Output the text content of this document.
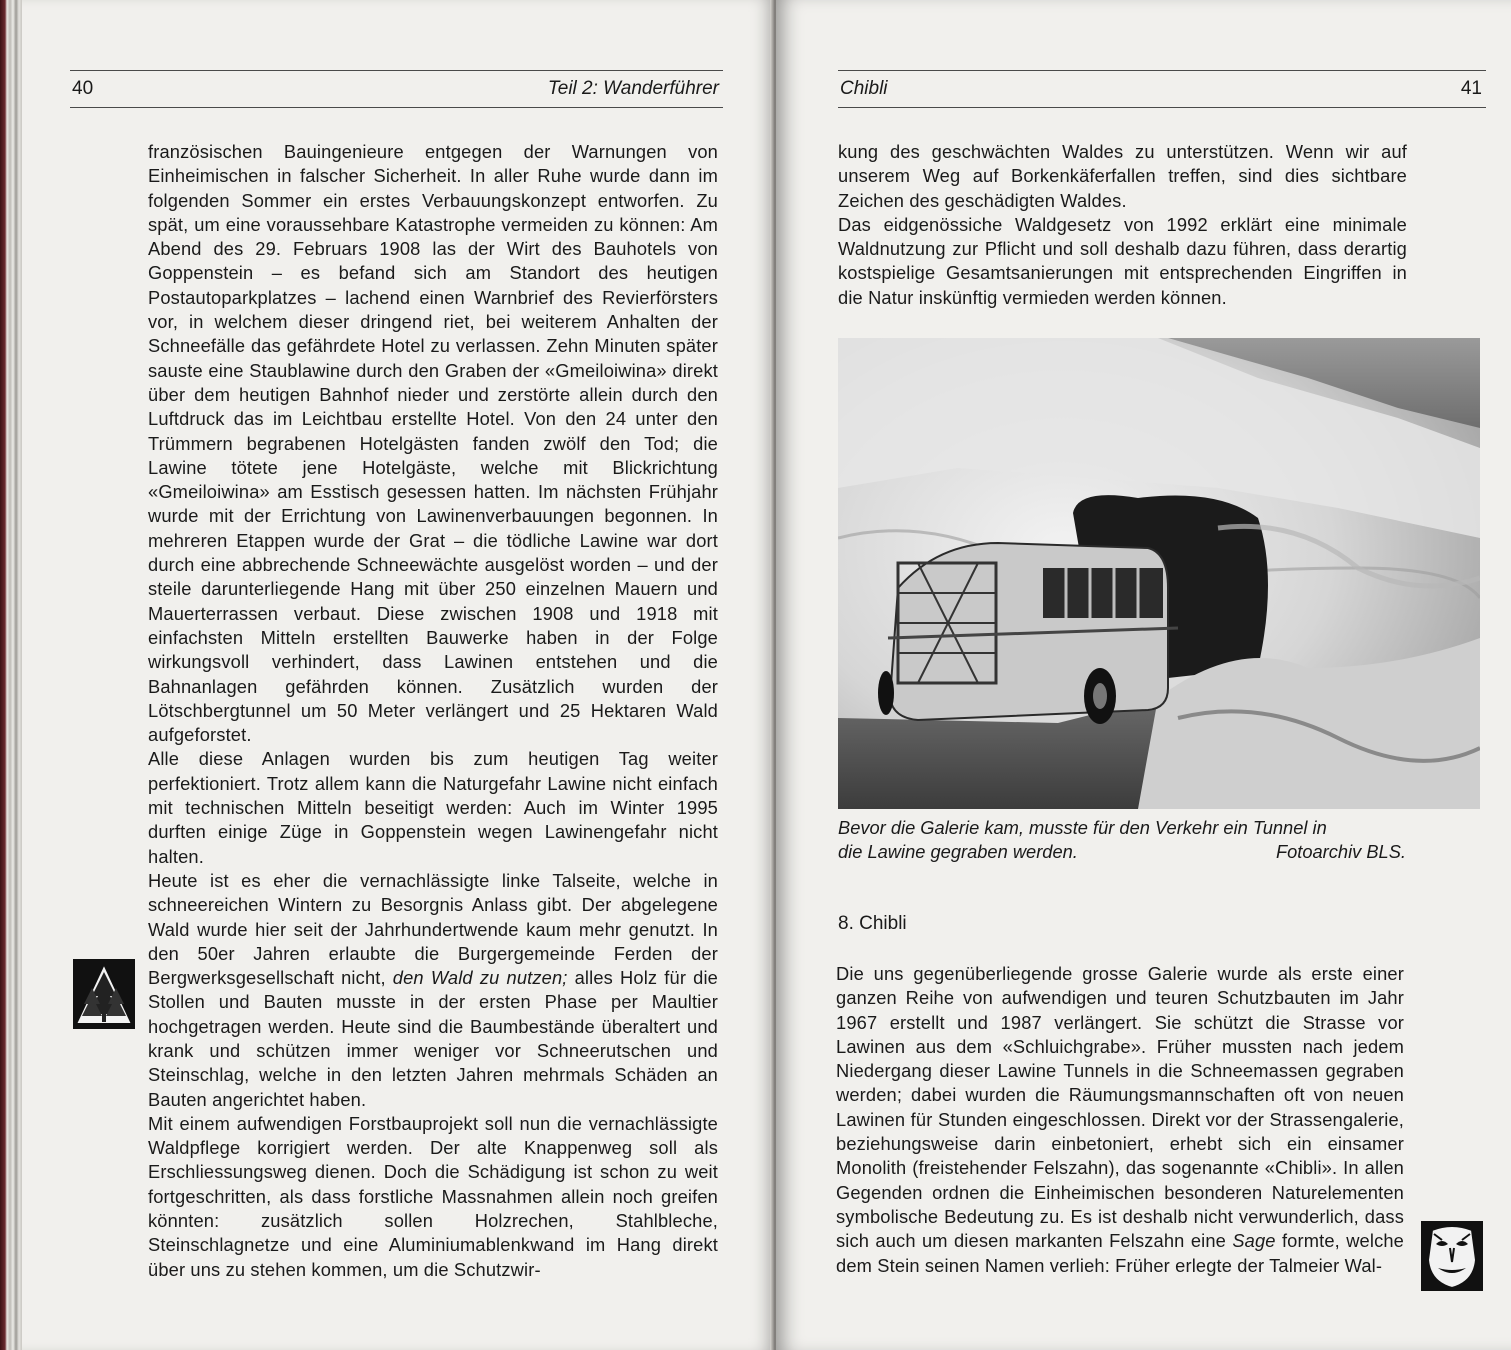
40	Teil 2: Wanderführer

französischen Bauingenieure entgegen der Warnungen von Einheimischen in falscher Sicherheit. In aller Ruhe wurde dann im folgenden Sommer ein erstes Verbauungskonzept entworfen. Zu spät, um eine voraussehbare Katastrophe vermeiden zu können: Am Abend des 29. Februars 1908 las der Wirt des Bauhotels von Goppenstein – es befand sich am Standort des heutigen Postautoparkplatzes – lachend einen Warnbrief des Revierförsters vor, in welchem dieser dringend riet, bei weiterem Anhalten der Schneefälle das gefährdete Hotel zu verlassen. Zehn Minuten später sauste eine Staublawine durch den Graben der «Gmeiloiwina» direkt über dem heutigen Bahnhof nieder und zerstörte allein durch den Luftdruck das im Leichtbau erstellte Hotel. Von den 24 unter den Trümmern begrabenen Hotelgästen fanden zwölf den Tod; die Lawine tötete jene Hotelgäste, welche mit Blickrichtung «Gmeiloiwina» am Esstisch gesessen hatten. Im nächsten Frühjahr wurde mit der Errichtung von Lawinenverbauungen begonnen. In mehreren Etappen wurde der Grat – die tödliche Lawine war dort durch eine abbrechende Schneewächte ausgelöst worden – und der steile darunterliegende Hang mit über 250 einzelnen Mauern und Mauerterrassen verbaut. Diese zwischen 1908 und 1918 mit einfachsten Mitteln erstellten Bauwerke haben in der Folge wirkungsvoll verhindert, dass Lawinen entstehen und die Bahnanlagen gefährden können. Zusätzlich wurden der Lötschbergtunnel um 50 Meter verlängert und 25 Hektaren Wald aufgeforstet.

Alle diese Anlagen wurden bis zum heutigen Tag weiter perfektioniert. Trotz allem kann die Naturgefahr Lawine nicht einfach mit technischen Mitteln beseitigt werden: Auch im Winter 1995 durften einige Züge in Goppenstein wegen Lawinengefahr nicht halten.

Heute ist es eher die vernachlässigte linke Talseite, welche in schneereichen Wintern zu Besorgnis Anlass gibt. Der abgelegene Wald wurde hier seit der Jahrhundertwende kaum mehr genutzt. In den 50er Jahren erlaubte die Burgergemeinde Ferden der Bergwerksgesellschaft nicht, den Wald zu nutzen; alles Holz für die Stollen und Bauten musste in der ersten Phase per Maultier hochgetragen werden. Heute sind die Baumbestände überaltert und krank und schützen immer weniger vor Schneerutschen und Steinschlag, welche in den letzten Jahren mehrmals Schäden an Bauten angerichtet haben.

Mit einem aufwendigen Forstbauprojekt soll nun die vernachlässigte Waldpflege korrigiert werden. Der alte Knappenweg soll als Erschliessungsweg dienen. Doch die Schädigung ist schon zu weit fortgeschritten, als dass forstliche Massnahmen allein noch greifen könnten: zusätzlich sollen Holzrechen, Stahlbleche, Steinschlagnetze und eine Aluminiumablenkwand im Hang direkt über uns zu stehen kommen, um die Schutzwir-

Chibli	41

kung des geschwächten Waldes zu unterstützen. Wenn wir auf unserem Weg auf Borkenkäferfallen treffen, sind dies sichtbare Zeichen des geschädigten Waldes.

Das eidgenössiche Waldgesetz von 1992 erklärt eine minimale Waldnutzung zur Pflicht und soll deshalb dazu führen, dass derartig kostspielige Gesamtsanierungen mit entsprechenden Eingriffen in die Natur inskünftig vermieden werden können.

Bevor die Galerie kam, musste für den Verkehr ein Tunnel in
die Lawine gegraben werden.	Fotoarchiv BLS.
8. Chibli

Die uns gegenüberliegende grosse Galerie wurde als erste einer ganzen Reihe von aufwendigen und teuren Schutzbauten im Jahr 1967 erstellt und 1987 verlängert. Sie schützt die Strasse vor Lawinen aus dem «Schluichgrabe». Früher mussten nach jedem Niedergang dieser Lawine Tunnels in die Schneemassen gegraben werden; dabei wurden die Räumungsmannschaften oft von neuen Lawinen für Stunden eingeschlossen. Direkt vor der Strassengalerie, beziehungsweise darin einbetoniert, erhebt sich ein einsamer Monolith (freistehender Felszahn), das sogenannte «Chibli». In allen Gegenden ordnen die Einheimischen besonderen Naturelementen symbolische Bedeutung zu. Es ist deshalb nicht verwunderlich, dass sich auch um diesen markanten Felszahn eine Sage formte, welche dem Stein seinen Namen verlieh: Früher erlegte der Talmeier Wal-
